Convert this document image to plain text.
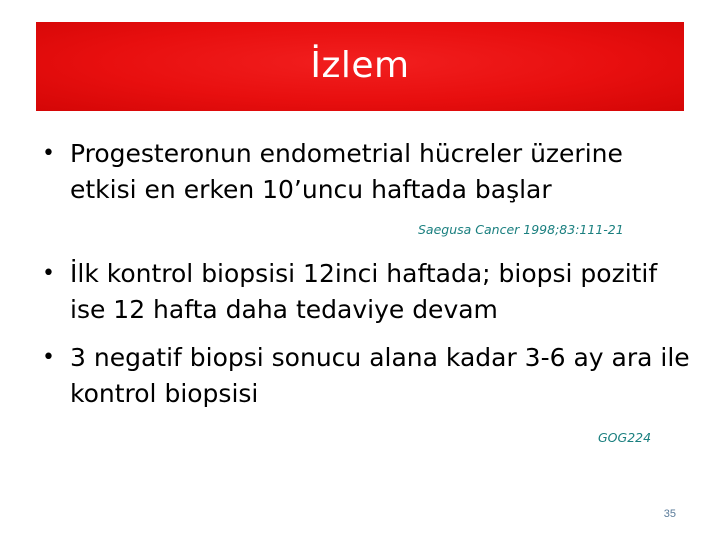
İzlem
• Progesteronun endometrial hücreler üzerine etkisi en erken 10’uncu haftada başlar
Saegusa Cancer 1998;83:111-21
• İlk kontrol biopsisi 12inci haftada; biopsi pozitif ise 12 hafta daha tedaviye devam
• 3 negatif biopsi sonucu alana kadar 3-6 ay ara ile kontrol biopsisi
GOG224
35
